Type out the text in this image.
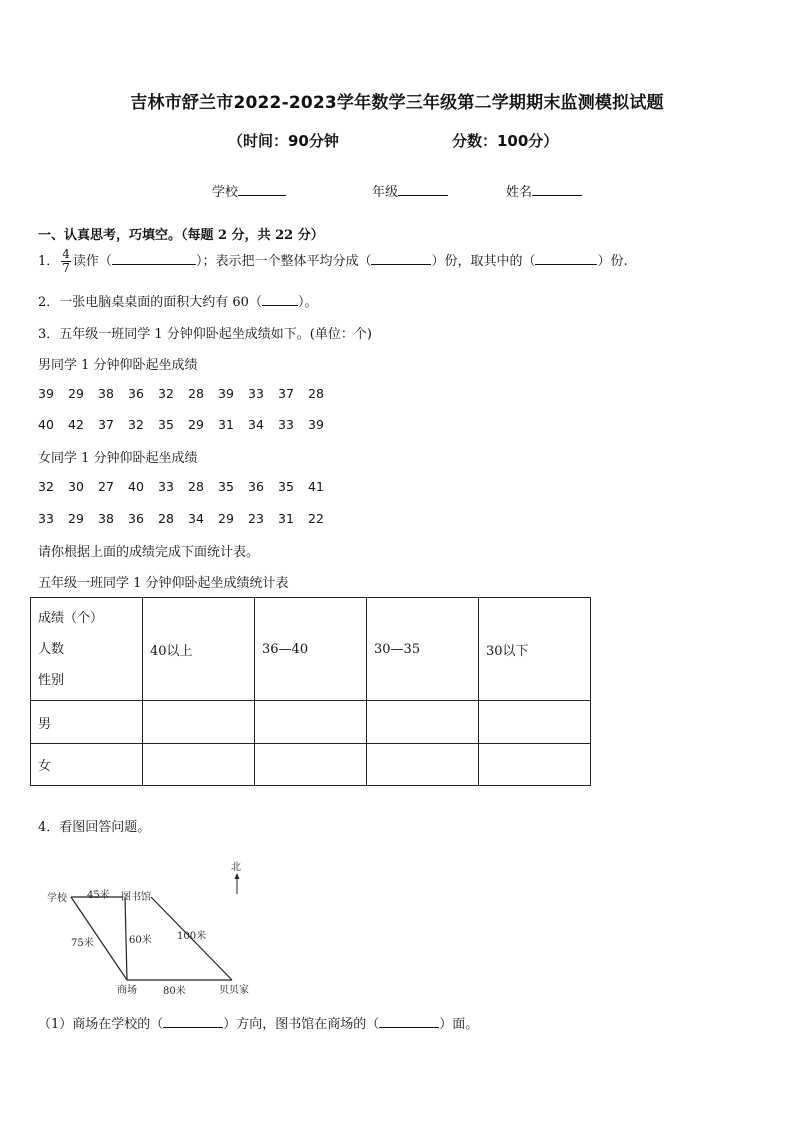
吉林市舒兰市2022-2023学年数学三年级第二学期期末监测模拟试题
（时间：90分钟	分数：100分）
学校	年级	姓名
一、认真思考，巧填空。（每题 2 分，共 22 分）
1． $\frac{4}{7}$ 读作（	）；表示把一个整体平均分成（	）份，取其中的（	）份.
2．一张电脑桌桌面的面积大约有 60（	）。
3．五年级一班同学 1 分钟仰卧起坐成绩如下。(单位：个)
男同学 1 分钟仰卧起坐成绩
39 29 38 36 32 28 39 33 37 28
40 42 37 32 35 29 31 34 33 39
女同学 1 分钟仰卧起坐成绩
32 30 27 40 33 28 35 36 35 41
33 29 38 36 28 34 29 23 31 22
请你根据上面的成绩完成下面统计表。
五年级一班同学 1 分钟仰卧起坐成绩统计表
成绩（个）
人数
性别	40以上	36—40	30—35	30以下
男				
女				
4．看图回答问题。
北
学校	图书馆
商场	贝贝家
45米
75米	60米	100米
80米
（1）商场在学校的（	）方向，图书馆在商场的（	）面。
